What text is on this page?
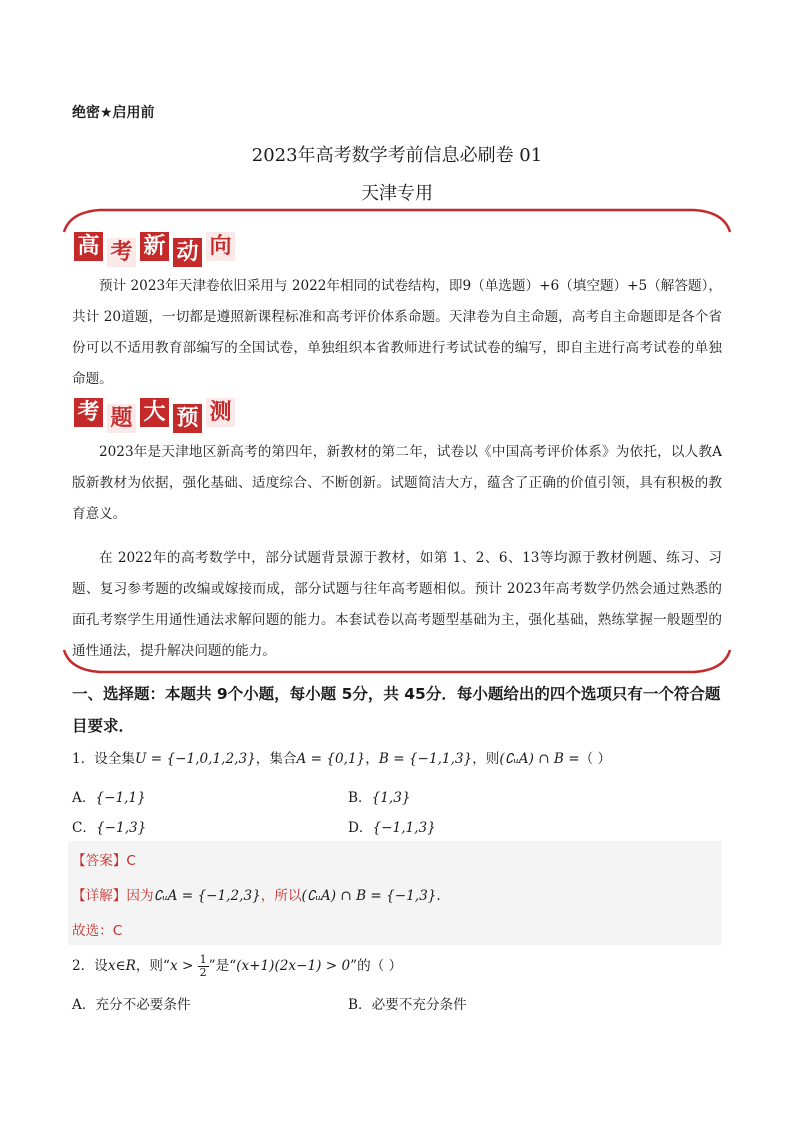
绝密★启用前
2023年高考数学考前信息必刷卷 01
天津专用
高 考 新 动 向
预计 2023年天津卷依旧采用与 2022年相同的试卷结构，即9（单选题）+6（填空题）+5（解答题），共计 20道题，一切都是遵照新课程标准和高考评价体系命题。天津卷为自主命题，高考自主命题即是各个省份可以不适用教育部编写的全国试卷，单独组织本省教师进行考试试卷的编写，即自主进行高考试卷的单独命题。
考 题 大 预 测
2023年是天津地区新高考的第四年，新教材的第二年，试卷以《中国高考评价体系》为依托，以人教A版新教材为依据，强化基础、适度综合、不断创新。试题简洁大方，蕴含了正确的价值引领，具有积极的教育意义。
在 2022年的高考数学中，部分试题背景源于教材，如第 1、2、6、13等均源于教材例题、练习、习题、复习参考题的改编或嫁接而成，部分试题与往年高考题相似。预计 2023年高考数学仍然会通过熟悉的面孔考察学生用通性通法求解问题的能力。本套试卷以高考题型基础为主，强化基础，熟练掌握一般题型的通性通法，提升解决问题的能力。
一、选择题：本题共 9个小题，每小题 5分，共 45分．每小题给出的四个选项只有一个符合题目要求．
1．设全集U = {−1,0,1,2,3}，集合A = {0,1}，B = {−1,1,3}，则(∁ᵤA) ∩ B =（ ）
A．{−1,1}	B．{1,3}
C．{−1,3}	D．{−1,1,3}
【答案】C
【详解】因为∁ᵤA = {−1,2,3}，所以(∁ᵤA) ∩ B = {−1,3}.
故选：C
2．设x∈R，则“$x > \frac{1}{2}$ ”是“(x+1)(2x−1) > 0”的（ ）
A．充分不必要条件	B．必要不充分条件
